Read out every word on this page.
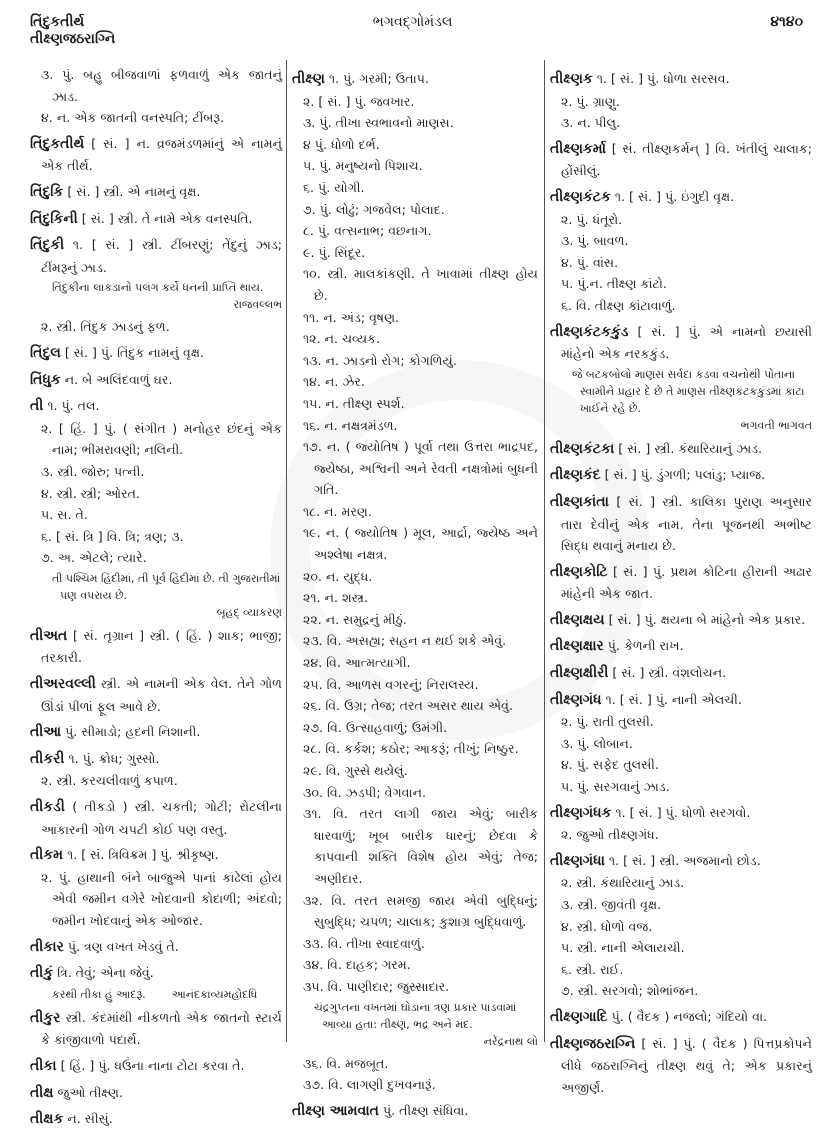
તિંદુકતીર્થ
તીક્ષ્ણજઠરાગ્નિ
ભગવદ્ગોમંડલ	૪૧૪૦
૩. પું. બહુ બીજવાળાં ફળવાળું એક જાતનું ઝાડ.
૪. ન. એક જાતની વનસ્પતિ; ટીંબરૂ.
તિંદુકતીર્થ [ સં. ] ન. વ્રજમંડળમાંનું એ નામનું એક તીર્થ.
તિંદુકિ [ સં. ] સ્ત્રી. એ નામનું વૃક્ષ.
તિંદુકિની [ સં. ] સ્ત્રી. તે નામે એક વનસ્પતિ.
તિંદુકી ૧. [ સં. ] સ્ત્રી. ટીંબરણું; તેંદુનું ઝાડ; ટીંમરૂનું ઝાડ.
તિંદુકીના લાકડાનો પલંગ કર્યે ધનની પ્રાપ્તિ થાય.
રાજવલ્લભ
૨. સ્ત્રી. તિંદુક ઝાડનું ફળ.
તિંદુલ [ સં. ] પું. તિંદુક નામનું વૃક્ષ.
તિંધુક ન. બે અલિંદવાળું ઘર.
તી ૧. પું. તલ.
૨. [ હિં. ] પું. ( સંગીત ) મનોહર છંદનું એક નામ; ભીમરાવણી; નલિની.
૩. સ્ત્રી. જોરુ; પત્ની.
૪. સ્ત્રી. સ્ત્રી; ઓરત.
૫. સ. તે.
૬. [ સં. ત્રિ ] વિ. ત્રિ; ત્રણ; ૩.
૭. અ. એટલે; ત્યારે.
તી પશ્ચિમ હિંદીમાં, તી પૂર્વ હિંદીમાં છે. તી ગુજરાતીમાં પણ વપરાય છે.
બૃહદ્ વ્યાકરણ
તીઅત [ સં. તૃગ્રાન ] સ્ત્રી. ( હિં. ) શાક; ભાજી; તરકારી.
તીઅરવલ્લી સ્ત્રી. એ નામની એક વેલ. તેને ગોળ ઊંડાં પીળાં ફૂલ આવે છે.
તીઆ પું. સીમાડો; હદની નિશાની.
તીકરી ૧. પું. ક્રોધ; ગુસ્સો.
૨. સ્ત્રી. કરચલીવાળું કપાળ.
તીકડી ( તીકડો ) સ્ત્રી. ચકતી; ગોટી; રોટલીના આકારની ગોળ ચપટી કોઈ પણ વસ્તુ.
તીકમ ૧. [ સં. ત્રિવિક્રમ ] પું. શ્રીકૃષ્ણ.
૨. પું. હાથાની બંને બાજુએ પાનાં કાઢેલાં હોય એવી જમીન વગેરે ખોદવાની કોદાળી; અંદવો; જમીન ખોદવાનું એક ઓજાર.
તીકાર પું. ત્રણ વખત ખેડવું તે.
તીકું ત્રિ. તેવું; એના જેવું.
કરથી તીકા હું આદરૂં. આનંદકાવ્યમહોદધિ
તીકુર સ્ત્રી. કંદમાંથી નીકળતો એક જાતનો સ્ટાર્ચ કે કાંજીવાળો પદાર્થ.
તીકા [ હિં. ] પું. ધઉંના નાના ટોટા કરવા તે.
તીક્ષ જુઓ તીક્ષ્ણ.
તીક્ષક ન. સીસું.
તીક્ષ્ણ ૧. પું. ગરમી; ઉતાપ.
૨. [ સં. ] પું. જવખાર.
૩. પું. તીખા સ્વભાવનો માણસ.
૪ પું. ધોળો દર્ભ.
૫. પું. મનુષ્યનો પિશાચ.
૬. પું. યોગી.
૭. પું. લોઢું; ગજવેલ; પોલાદ.
૮. પું. વત્સનાભ; વછનાગ.
૯. પું. સિંદૂર.
૧૦. સ્ત્રી. માલકાંકણી. તે ખાવામાં તીક્ષ્ણ હોય છે.
૧૧. ન. અંડ; વૃષણ.
૧૨. ન. ચવ્યક.
૧૩. ન. ઝાડનો રોગ; કોગળિયું.
૧૪. ન. ઝેર.
૧૫. ન. તીક્ષ્ણ સ્પર્શ.
૧૬. ન. નક્ષત્રમંડળ.
૧૭. ન. ( જ્યોતિષ ) પૂર્વા તથા ઉત્તરા ભાદ્રપદ, જ્યેષ્ઠા, અશ્વિની અને રેવતી નક્ષત્રોમાં બુધની ગતિ.
૧૮. ન. મરણ.
૧૯. ન. ( જ્યોતિષ ) મૂલ, આર્દ્રા, જ્યેષ્ઠ અને અશ્લેષા નક્ષત્ર.
૨૦. ન. યુદ્ધ.
૨૧. ન. શસ્ત્ર.
૨૨. ન. સમુદ્રનું મીઠું.
૨૩. વિ. અસહ્ય; સહન ન થઈ શકે એવું.
૨૪. વિ. આત્મત્યાગી.
૨૫. વિ. આળસ વગરનું; નિરાલસ્ય.
૨૬. વિ. ઉગ્ર; તેજ; તરત અસર થાય એવું.
૨૭. વિ. ઉત્સાહવાળું; ઉમંગી.
૨૮. વિ. કર્કશ; કઠોર; આકરૂં; તીખું; નિષ્ઠુર.
૨૯. વિ. ગુસ્સે થયેલું.
૩૦. વિ. ઝડપી; વેગવાન.
૩૧. વિ. તરત લાગી જાય એવું; બારીક ધારવાળું; ખૂબ બારીક ધારનું; છેદવા કે કાપવાની શક્તિ વિશેષ હોય એવું; તેજ; અણીદાર.
૩૨. વિ. તરત સમજી જાય એવી બુદ્ધિનું; સુબુદ્ધિ; ચપળ; ચાલાક; કુશાગ્ર બુદ્ધિવાળું.
૩૩. વિ. તીખા સ્વાદવાળું.
૩૪. વિ. દાહક; ગરમ.
૩૫. વિ. પાણીદાર; જુસ્સાદાર.
ચંદ્રગુપ્તના વખતમાં ઘોડાના ત્રણ પ્રકાર પાડવામાં આવ્યા હતા: તીક્ષ્ણ, ભદ્ર અને મંદ.
નરેંદ્રનાથ લો
૩૬. વિ. મજબૂત.
૩૭. વિ. લાગણી દુખવનારૂં.
તીક્ષ્ણ આમવાત પું. તીક્ષ્ણ સંધિવા.
તીક્ષ્ણક ૧. [ સં. ] પું. ધોળા સરસવ.
૨. પું. ગ્રાણુ.
૩. ન. પીલુ.
તીક્ષ્ણકર્મા [ સં. તીક્ષ્ણકર્મન્ ] વિ. ખંતીલું ચાલાક; હોંસીલું.
તીક્ષ્ણકંટક ૧. [ સં. ] પું. ઇંગુદી વૃક્ષ.
૨. પું. ધંતૂરો.
૩. પું. બાવળ.
૪. પું. વાંસ.
૫. પું.ન. તીક્ષ્ણ કાંટો.
૬. વિ. તીક્ષ્ણ કાંટાવાળું.
તીક્ષ્ણકંટકકુંડ [ સં. ] પું. એ નામનો છયાસી માંહેનો એક નરકકુંડ.
જે બટકબોલો માણસ સર્વદા કડવાં વચનોથી પોતાના સ્વામીને પ્રહાર દે છે તે માણસ તીક્ષ્ણકંટકકુંડમાં કાંટા ખાઈને રહે છે.
ભગવતી ભાગવત
તીક્ષ્ણકંટકા [ સં. ] સ્ત્રી. કંથારિયાનું ઝાડ.
તીક્ષ્ણકંદ [ સં. ] પું. ડુંગળી; પલાંડુ; પ્યાજ.
તીક્ષ્ણકાંતા [ સં. ] સ્ત્રી. કાલિકા પુરાણ અનુસાર તારા દેવીનું એક નામ. તેના પૂજનથી અભીષ્ટ સિદ્ધ થવાનું મનાય છે.
તીક્ષ્ણકોટિ [ સં. ] પું. પ્રથમ કોટિના હીરાની અઢાર માંહેની એક જાત.
તીક્ષ્ણક્ષય [ સં. ] પું. ક્ષયના બે માંહેનો એક પ્રકાર.
તીક્ષ્ણક્ષાર પું. કેળની રાખ.
તીક્ષ્ણક્ષીરી [ સં. ] સ્ત્રી. વંશલોચન.
તીક્ષ્ણગંધ ૧. [ સં. ] પું. નાની એલચી.
૨. પું. રાતી તુલસી.
૩. પું. લોબાન.
૪. પું. સફેદ તુલસી.
૫. પું. સરગવાનું ઝાડ.
તીક્ષ્ણગંધક ૧. [ સં. ] પું. ધોળો સરગવો.
૨. જુઓ તીક્ષ્ણગંધ.
તીક્ષ્ણગંધા ૧. [ સં. ] સ્ત્રી. અજમાનો છોડ.
૨. સ્ત્રી. કંથારિયાનું ઝાડ.
૩. સ્ત્રી. જીવંતી વૃક્ષ.
૪. સ્ત્રી. ધોળો વજ.
૫. સ્ત્રી. નાની એલાયચી.
૬. સ્ત્રી. રાઈ.
૭. સ્ત્રી. સરગવો; શોભાંજન.
તીક્ષ્ણગાદિ પું. ( વૈદક ) નજલો; ગંદિયો વા.
તીક્ષ્ણજઠરાગ્નિ [ સં. ] પું. ( વૈદક ) પિત્તપ્રકોપને લીધે જઠરાગ્નિનું તીક્ષ્ણ થવું તે; એક પ્રકારનું અજીર્ણ.
